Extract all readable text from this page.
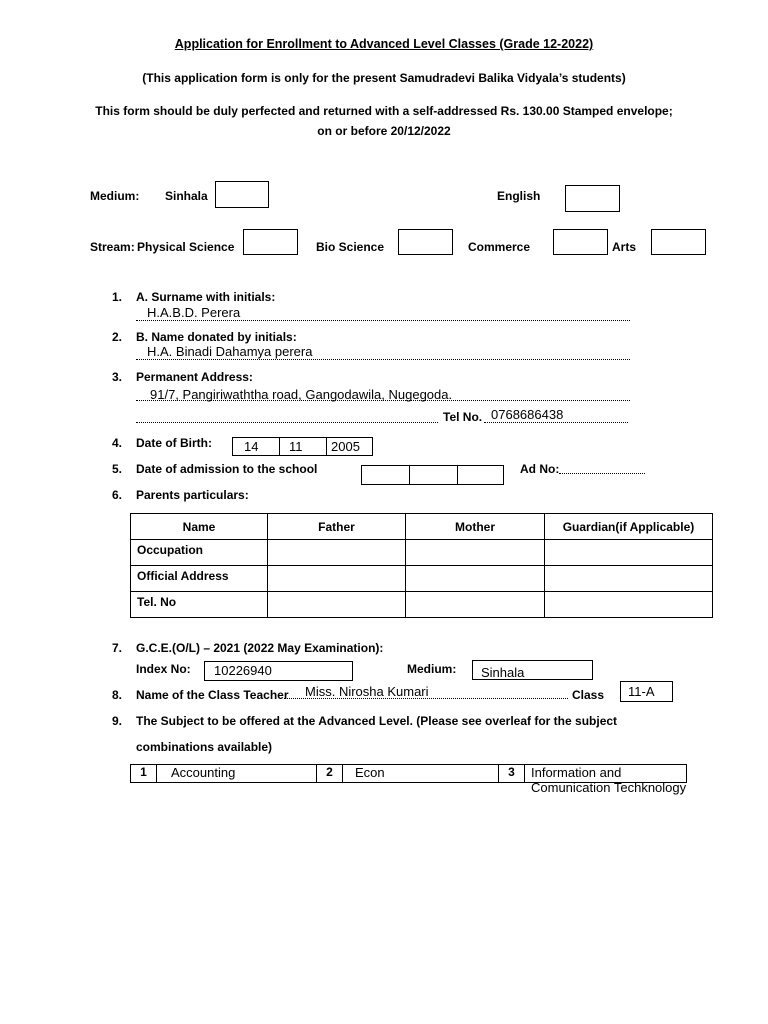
Application for Enrollment to Advanced Level Classes (Grade 12-2022)
(This application form is only for the present Samudradevi Balika Vidyala’s students)
This form should be duly perfected and returned with a self-addressed Rs. 130.00 Stamped envelope;
on or before 20/12/2022
Medium: Sinhala	English
Stream: Physical Science	Bio Science	Commerce	Arts
1. A. Surname with initials:
H.A.B.D. Perera
2. B. Name donated by initials:
H.A. Binadi Dahamya perera
3. Permanent Address:
91/7, Pangiriwaththa road, Gangodawila, Nugegoda.
Tel No. 0768686438
4. Date of Birth: 14 11 2005
5. Date of admission to the school	Ad No:
6. Parents particulars:
Name	Father	Mother	Guardian(if Applicable)
Occupation			
Official Address			
Tel. No			
7. G.C.E.(O/L) – 2021 (2022 May Examination):
Index No: 10226940	Medium: Sinhala
8. Name of the Class Teacher Miss. Nirosha Kumari	Class 11-A
9. The Subject to be offered at the Advanced Level. (Please see overleaf for the subject
combinations available)
1	Accounting	2	Econ	3	Information and Comunication Techknology
